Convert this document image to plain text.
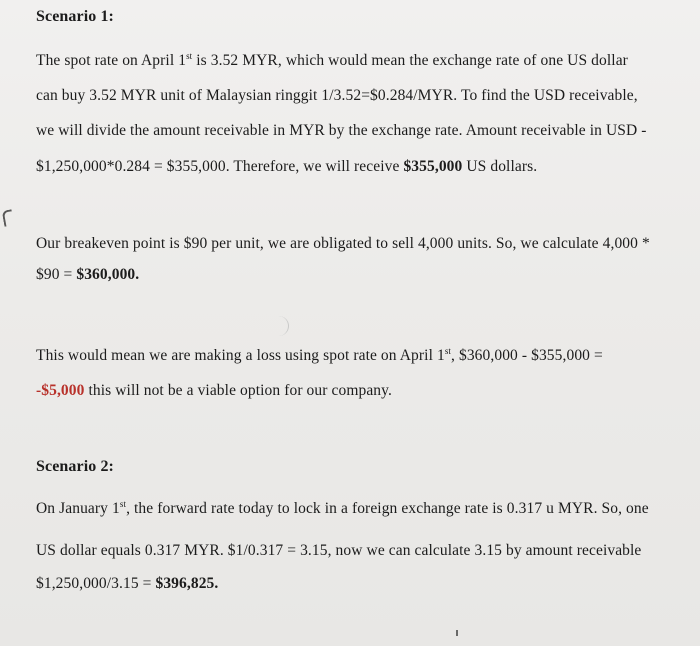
Scenario 1:
The spot rate on April 1st is 3.52 MYR, which would mean the exchange rate of one US dollar
can buy 3.52 MYR unit of Malaysian ringgit 1/3.52=$0.284/MYR. To find the USD receivable,
we will divide the amount receivable in MYR by the exchange rate. Amount receivable in USD -
$1,250,000*0.284 = $355,000. Therefore, we will receive $355,000 US dollars.
Our breakeven point is $90 per unit, we are obligated to sell 4,000 units. So, we calculate 4,000 *
$90 = $360,000.
This would mean we are making a loss using spot rate on April 1st, $360,000 - $355,000 =
-$5,000 this will not be a viable option for our company.
Scenario 2:
On January 1st, the forward rate today to lock in a foreign exchange rate is 0.317 u MYR. So, one
US dollar equals 0.317 MYR. $1/0.317 = 3.15, now we can calculate 3.15 by amount receivable
$1,250,000/3.15 = $396,825.
